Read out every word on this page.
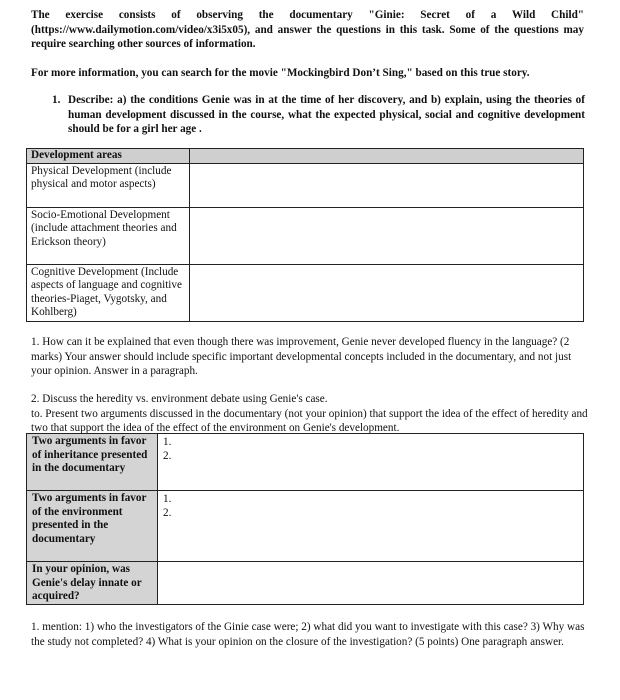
The exercise consists of observing the documentary "Ginie: Secret of a Wild Child" (https://www.dailymotion.com/video/x3i5x05), and answer the questions in this task. Some of the questions may require searching other sources of information.
For more information, you can search for the movie "Mockingbird Don’t Sing," based on this true story.
1. Describe: a) the conditions Genie was in at the time of her discovery, and b) explain, using the theories of human development discussed in the course, what the expected physical, social and cognitive development should be for a girl her age .
Development areas	
Physical Development (include physical and motor aspects)	
Socio-Emotional Development (include attachment theories and Erickson theory)	
Cognitive Development (Include aspects of language and cognitive theories-Piaget, Vygotsky, and Kohlberg)	
1. How can it be explained that even though there was improvement, Genie never developed fluency in the language? (2 marks) Your answer should include specific important developmental concepts included in the documentary, and not just your opinion. Answer in a paragraph.
2. Discuss the heredity vs. environment debate using Genie's case.
to. Present two arguments discussed in the documentary (not your opinion) that support the idea of the effect of heredity and two that support the idea of the effect of the environment on Genie's development.
Two arguments in favor of inheritance presented in the documentary	1.
2.

Two arguments in favor of the environment presented in the documentary	1.
2.

In your opinion, was Genie's delay innate or acquired?	
1. mention: 1) who the investigators of the Ginie case were; 2) what did you want to investigate with this case? 3) Why was the study not completed? 4) What is your opinion on the closure of the investigation? (5 points) One paragraph answer.
